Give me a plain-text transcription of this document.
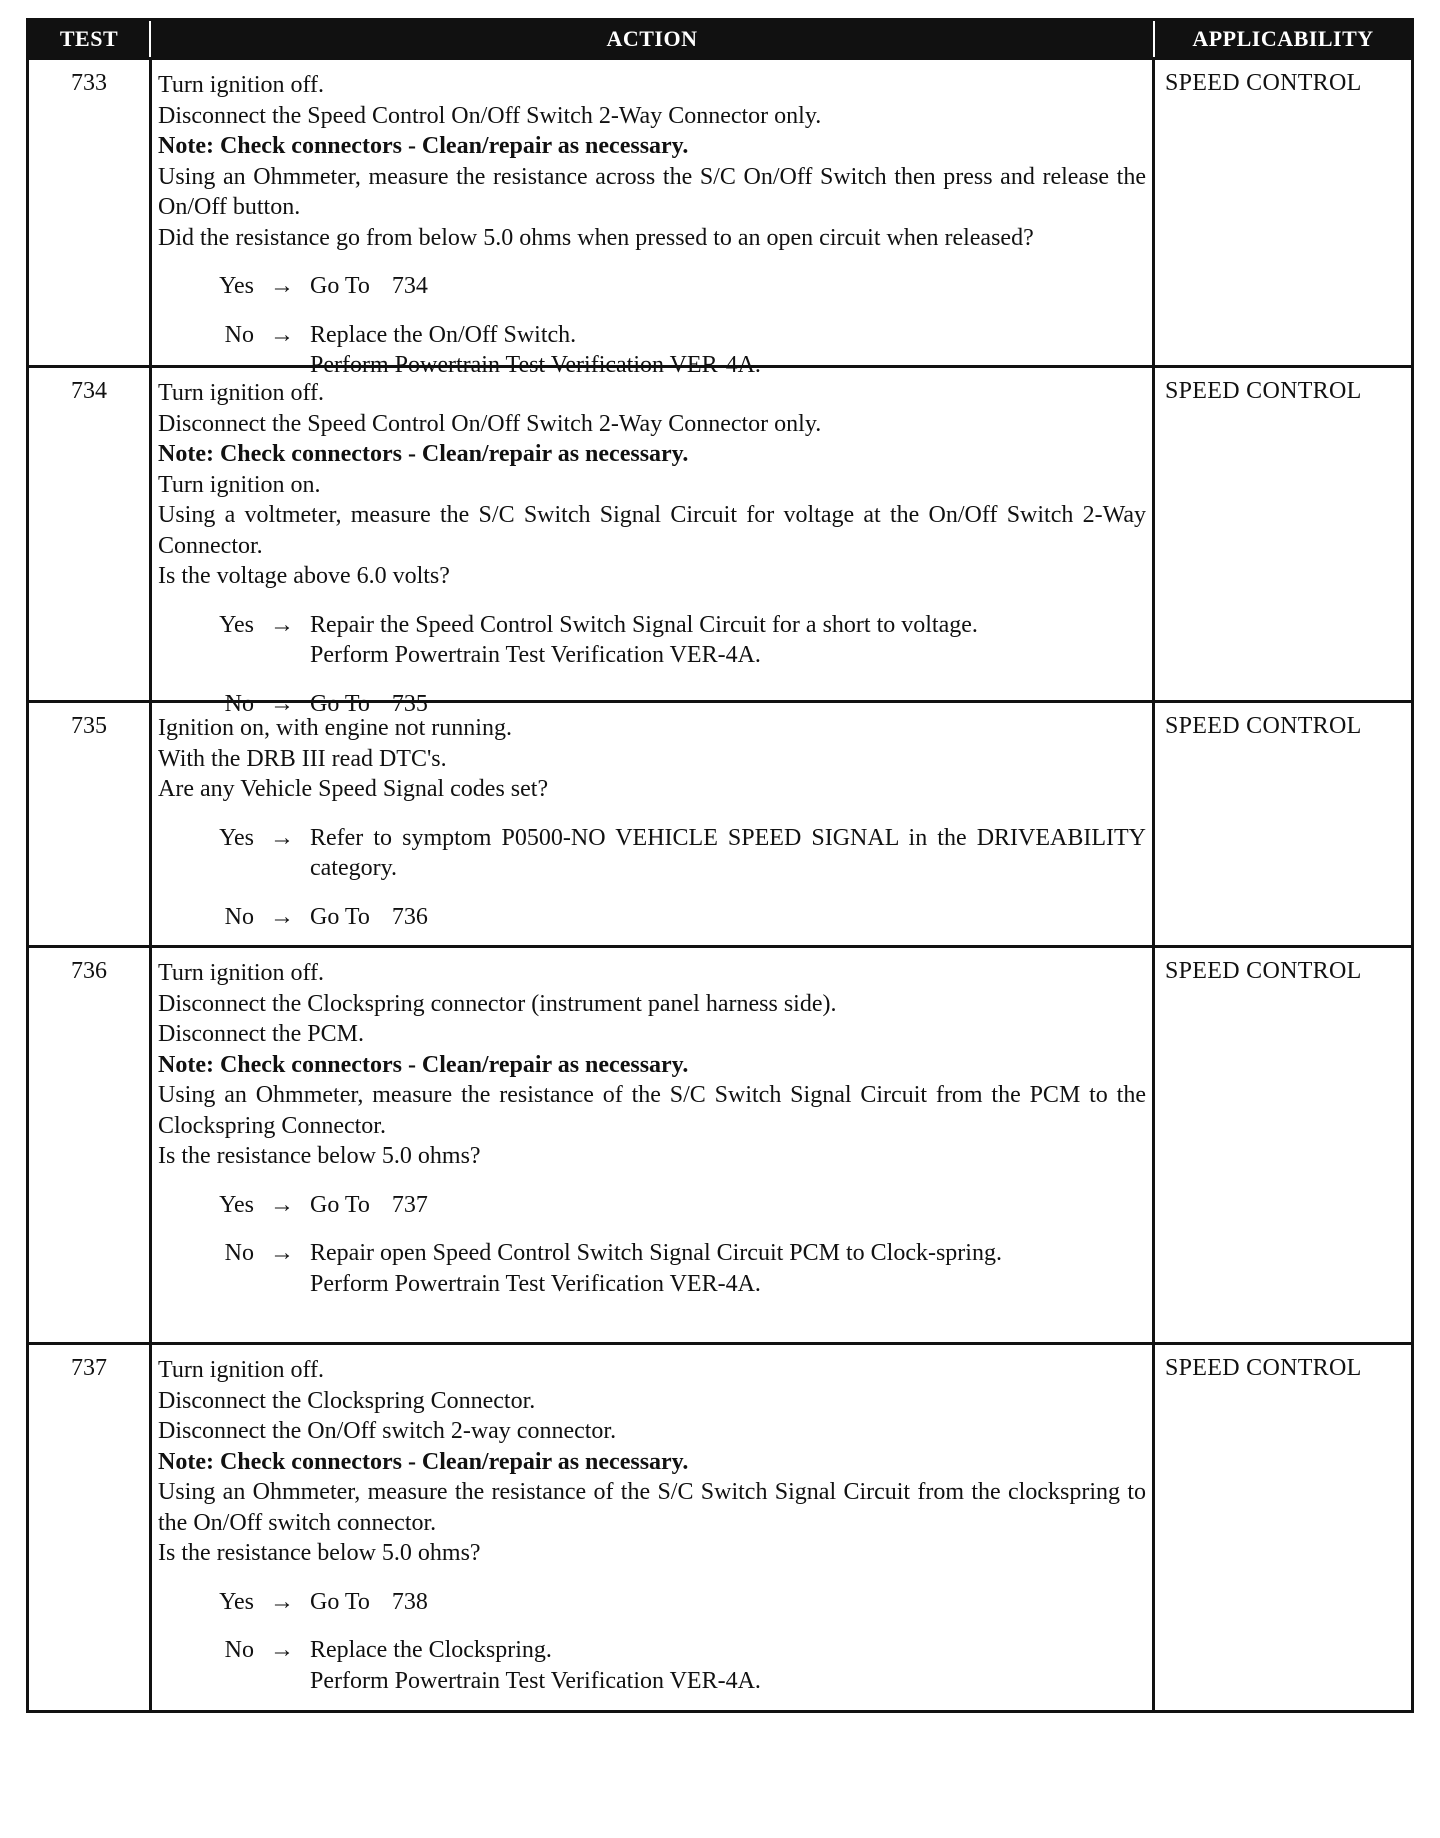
TEST	ACTION	APPLICABILITY
733	Turn ignition off.
Disconnect the Speed Control On/Off Switch 2-Way Connector only.
Note: Check connectors - Clean/repair as necessary.
Using an Ohmmeter, measure the resistance across the S/C On/Off Switch then press and release the On/Off button.
Did the resistance go from below 5.0 ohms when pressed to an open circuit when released?
Yes → Go To 734
No → Replace the On/Off Switch.
Perform Powertrain Test Verification VER-4A.
SPEED CONTROL
734	Turn ignition off.
Disconnect the Speed Control On/Off Switch 2-Way Connector only.
Note: Check connectors - Clean/repair as necessary.
Turn ignition on.
Using a voltmeter, measure the S/C Switch Signal Circuit for voltage at the On/Off Switch 2-Way Connector.
Is the voltage above 6.0 volts?
Yes → Repair the Speed Control Switch Signal Circuit for a short to voltage.
Perform Powertrain Test Verification VER-4A.
No → Go To 735
SPEED CONTROL
735	Ignition on, with engine not running.
With the DRB III read DTC's.
Are any Vehicle Speed Signal codes set?
Yes → Refer to symptom P0500-NO VEHICLE SPEED SIGNAL in the DRIVEABILITY category.
No → Go To 736
SPEED CONTROL
736	Turn ignition off.
Disconnect the Clockspring connector (instrument panel harness side).
Disconnect the PCM.
Note: Check connectors - Clean/repair as necessary.
Using an Ohmmeter, measure the resistance of the S/C Switch Signal Circuit from the PCM to the Clockspring Connector.
Is the resistance below 5.0 ohms?
Yes → Go To 737
No → Repair open Speed Control Switch Signal Circuit PCM to Clock-spring.
Perform Powertrain Test Verification VER-4A.
SPEED CONTROL
737	Turn ignition off.
Disconnect the Clockspring Connector.
Disconnect the On/Off switch 2-way connector.
Note: Check connectors - Clean/repair as necessary.
Using an Ohmmeter, measure the resistance of the S/C Switch Signal Circuit from the clockspring to the On/Off switch connector.
Is the resistance below 5.0 ohms?
Yes → Go To 738
No → Replace the Clockspring.
Perform Powertrain Test Verification VER-4A.
SPEED CONTROL
